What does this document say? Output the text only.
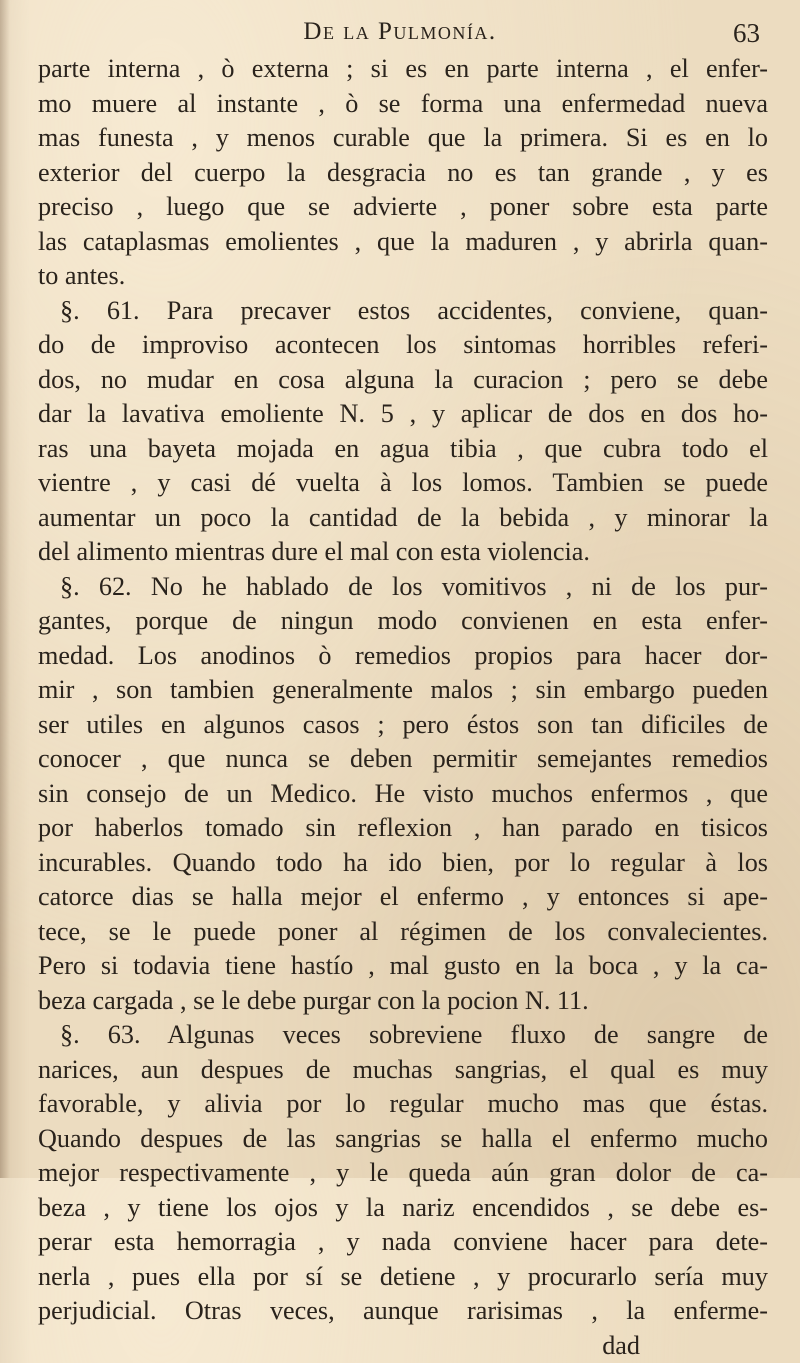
De la Pulmonía.	63
parte interna , ò externa ; si es en parte interna , el enfer-
mo muere al instante , ò se forma una enfermedad nueva
mas funesta , y menos curable que la primera. Si es en lo
exterior del cuerpo la desgracia no es tan grande , y es
preciso , luego que se advierte , poner sobre esta parte
las cataplasmas emolientes , que la maduren , y abrirla quan-
to antes.
§. 61. Para precaver estos accidentes, conviene, quan-
do de improviso acontecen los sintomas horribles referi-
dos, no mudar en cosa alguna la curacion ; pero se debe
dar la lavativa emoliente N. 5 , y aplicar de dos en dos ho-
ras una bayeta mojada en agua tibia , que cubra todo el
vientre , y casi dé vuelta à los lomos. Tambien se puede
aumentar un poco la cantidad de la bebida , y minorar la
del alimento mientras dure el mal con esta violencia.
§. 62. No he hablado de los vomitivos , ni de los pur-
gantes, porque de ningun modo convienen en esta enfer-
medad. Los anodinos ò remedios propios para hacer dor-
mir , son tambien generalmente malos ; sin embargo pueden
ser utiles en algunos casos ; pero éstos son tan dificiles de
conocer , que nunca se deben permitir semejantes remedios
sin consejo de un Medico. He visto muchos enfermos , que
por haberlos tomado sin reflexion , han parado en tisicos
incurables. Quando todo ha ido bien, por lo regular à los
catorce dias se halla mejor el enfermo , y entonces si ape-
tece, se le puede poner al régimen de los convalecientes.
Pero si todavia tiene hastío , mal gusto en la boca , y la ca-
beza cargada , se le debe purgar con la pocion N. 11.
§. 63. Algunas veces sobreviene fluxo de sangre de
narices, aun despues de muchas sangrias, el qual es muy
favorable, y alivia por lo regular mucho mas que éstas.
Quando despues de las sangrias se halla el enfermo mucho
mejor respectivamente , y le queda aún gran dolor de ca-
beza , y tiene los ojos y la nariz encendidos , se debe es-
perar esta hemorragia , y nada conviene hacer para dete-
nerla , pues ella por sí se detiene , y procurarlo sería muy
perjudicial. Otras veces, aunque rarisimas , la enferme-
dad
